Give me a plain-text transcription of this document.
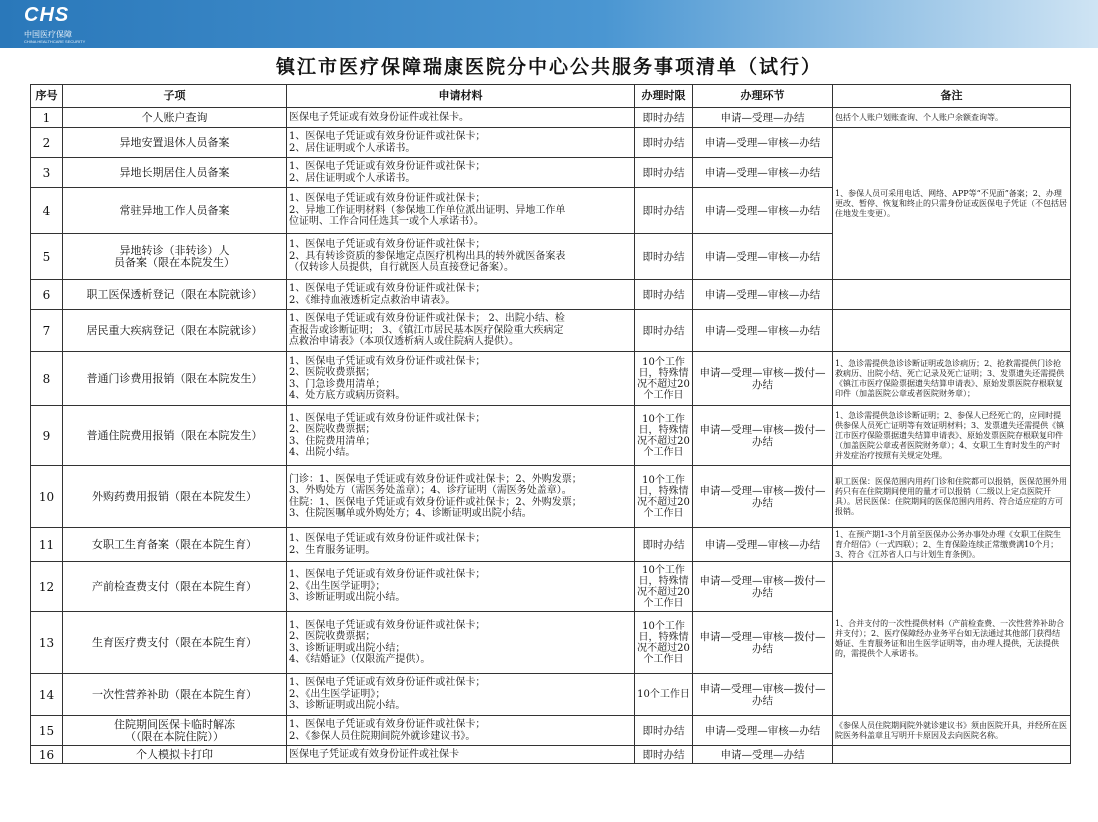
CHS
中国医疗保障
CHINA HEALTHCARE SECURITY
镇江市医疗保障瑞康医院分中心公共服务事项清单（试行）
序号	子项	申请材料	办理时限	办理环节	备注
1	个人账户查询	医保电子凭证或有效身份证件或社保卡。	即时办结	申请—受理—办结	包括个人账户划账查询、个人账户余额查询等。
2	异地安置退休人员备案	1、医保电子凭证或有效身份证件或社保卡；
2、居住证明或个人承诺书。	即时办结	申请—受理—审核—办结	1、参保人员可采用电话、网络、APP等“不见面”备案；2、办理更改、暂停、恢复和终止的只需身份证或医保电子凭证（不包括居住地发生变更）。
3	异地长期居住人员备案	1、医保电子凭证或有效身份证件或社保卡；
2、居住证明或个人承诺书。	即时办结	申请—受理—审核—办结	
4	常驻异地工作人员备案	1、医保电子凭证或有效身份证件或社保卡；
2、异地工作证明材料（参保地工作单位派出证明、异地工作单
位证明、工作合同任选其一或个人承诺书）。	即时办结	申请—受理—审核—办结	
5	异地转诊（非转诊）人
员备案（限在本院发生）	1、医保电子凭证或有效身份证件或社保卡；
2、具有转诊资质的参保地定点医疗机构出具的转外就医备案表
（仅转诊人员提供，自行就医人员直接登记备案）。	即时办结	申请—受理—审核—办结	
6	职工医保透析登记（限在本院就诊）	1、医保电子凭证或有效身份证件或社保卡；
2、《维持血液透析定点救治申请表》。	即时办结	申请—受理—审核—办结	
7	居民重大疾病登记（限在本院就诊）	1、医保电子凭证或有效身份证件或社保卡； 2、出院小结、检
查报告或诊断证明； 3、《镇江市居民基本医疗保险重大疾病定
点救治申请表》（本项仅透析病人或住院病人提供）。	即时办结	申请—受理—审核—办结	
8	普通门诊费用报销（限在本院发生）	1、医保电子凭证或有效身份证件或社保卡；
2、医院收费票据；
3、门急诊费用清单；
4、处方底方或病历资料。	10个工作日，特殊情况不超过20个工作日	申请—受理—审核—拨付—办结	1、急诊需提供急诊诊断证明或急诊病历；2、抢救需提供门诊抢救病历、出院小结、死亡记录及死亡证明；3、发票遗失还需提供《镇江市医疗保险票据遗失结算申请表》、原始发票医院存根联复印件（加盖医院公章或者医院财务章）；
9	普通住院费用报销（限在本院发生）	1、医保电子凭证或有效身份证件或社保卡；
2、医院收费票据；
3、住院费用清单；
4、出院小结。	10个工作日，特殊情况不超过20个工作日	申请—受理—审核—拨付—办结	1、急诊需提供急诊诊断证明；2、参保人已经死亡的，应同时提供参保人员死亡证明等有效证明材料；3、发票遗失还需提供《镇江市医疗保险票据遗失结算申请表》、原始发票医院存根联复印件（加盖医院公章或者医院财务章）；4、女职工生育时发生的产时并发症治疗按照有关规定处理。
10	外购药费用报销（限在本院发生）	门诊：1、医保电子凭证或有效身份证件或社保卡；2、外购发票；
3、外购处方（需医务处盖章）；4、诊疗证明（需医务处盖章）。
住院：1、医保电子凭证或有效身份证件或社保卡；2、外购发票；
3、住院医嘱单或外购处方；4、诊断证明或出院小结。	10个工作日，特殊情况不超过20个工作日	申请—受理—审核—拨付—办结	职工医保：医保范围内用药门诊和住院都可以报销，医保范围外用药只有在住院期间使用的量才可以报销（二级以上定点医院开具）。居民医保：住院期间的医保范围内用药、符合适应症的方可报销。
11	女职工生育备案（限在本院生育）	1、医保电子凭证或有效身份证件或社保卡；
2、生育服务证明。	即时办结	申请—受理—审核—办结	1、在预产期1-3个月前至医保办公务办事处办理《女职工住院生育介绍信》（一式四联）；2、生育保险连续正常缴费满10个月；3、符合《江苏省人口与计划生育条例》。
12	产前检查费支付（限在本院生育）	1、医保电子凭证或有效身份证件或社保卡；
2、《出生医学证明》；
3、诊断证明或出院小结。	10个工作日，特殊情况不超过20个工作日	申请—受理—审核—拨付—办结	1、合并支付的一次性提供材料（产前检查费、一次性营养补助合并支付）；2、医疗保障经办业务平台如无法通过其他部门获得结婚证、生育服务证和出生医学证明等，由办理人提供，无法提供的，需提供个人承诺书。
13	生育医疗费支付（限在本院生育）	1、医保电子凭证或有效身份证件或社保卡；
2、医院收费票据；
3、诊断证明或出院小结；
4、《结婚证》（仅限流产提供）。	10个工作日，特殊情况不超过20个工作日	申请—受理—审核—拨付—办结	
14	一次性营养补助（限在本院生育）	1、医保电子凭证或有效身份证件或社保卡；
2、《出生医学证明》；
3、诊断证明或出院小结。	10个工作日	申请—受理—审核—拨付—办结	
15	住院期间医保卡临时解冻
（（限在本院住院））	1、医保电子凭证或有效身份证件或社保卡；
2、《参保人员住院期间院外就诊建议书》。	即时办结	申请—受理—审核—办结	《参保人员住院期间院外就诊建议书》须由医院开具，并经所在医院医务科盖章且写明开卡原因及去向医院名称。
16	个人模拟卡打印	医保电子凭证或有效身份证件或社保卡	即时办结	申请—受理—办结	
